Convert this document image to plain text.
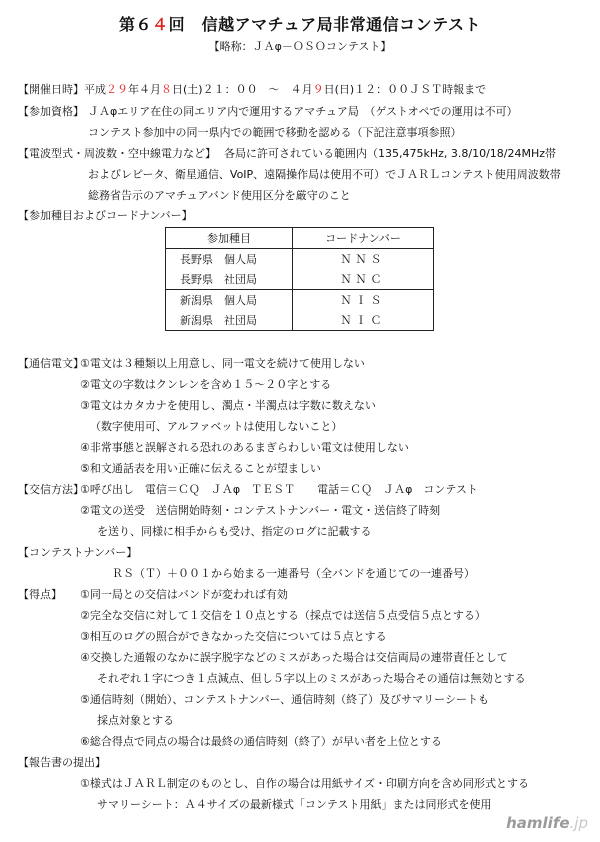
第６４回　信越アマチュア局非常通信コンテスト
【略称：ＪＡφ－ＯＳＯコンテスト】
【開催日時】平成２９年４月８日(土)２１：００　～　４月９日(日)１２：００ＪＳＴ時報まで
【参加資格】 ＪＡφエリア在住の同エリア内で運用するアマチュア局　（ゲストオペでの運用は不可）
コンテスト参加中の同一県内での範囲で移動を認める（下記注意事項参照）
【電波型式・周波数・空中線電力など】 各局に許可されている範囲内（135,475kHz, 3.8/10/18/24MHz帯
およびレピータ、衛星通信、VoIP、遠隔操作局は使用不可）でＪＡＲＬコンテスト使用周波数帯
総務省告示のアマチュアバンド使用区分を厳守のこと
【参加種目およびコードナンバー】
参加種目	コードナンバー
長野県　個人局	ＮＮＳ
長野県　社団局	ＮＮＣ
新潟県　個人局	ＮＩＳ
新潟県　社団局	ＮＩＣ
【通信電文】
①電文は３種類以上用意し、同一電文を続けて使用しない
②電文の字数はクンレンを含め１５～２０字とする
③電文はカタカナを使用し、濁点・半濁点は字数に数えない
（数字使用可、アルファベットは使用しないこと）
④非常事態と誤解される恐れのあるまぎらわしい電文は使用しない
⑤和文通話表を用い正確に伝えることが望ましい
【交信方法】
①呼び出し　電信＝ＣＱ　ＪＡφ　ＴＥＳＴ　　電話＝ＣＱ　ＪＡφ　コンテスト
②電文の送受　送信開始時刻・コンテストナンバー・電文・送信終了時刻
を送り、同様に相手からも受け、指定のログに記載する
【コンテストナンバー】
ＲＳ（Ｔ）＋００１から始まる一連番号（全バンドを通じての一連番号）
【得点】 ①同一局との交信はバンドが変われば有効
②完全な交信に対して１交信を１０点とする（採点では送信５点受信５点とする）
③相互のログの照合ができなかった交信については５点とする
④交換した通報のなかに誤字脱字などのミスがあった場合は交信両局の連帯責任として
それぞれ１字につき１点減点、但し５字以上のミスがあった場合その通信は無効とする
⑤通信時刻（開始）、コンテストナンバー、通信時刻（終了）及びサマリーシートも
採点対象とする
⑥総合得点で同点の場合は最終の通信時刻（終了）が早い者を上位とする
【報告書の提出】
①様式はＪＡＲＬ制定のものとし、自作の場合は用紙サイズ・印刷方向を含め同形式とする
サマリーシート：Ａ４サイズの最新様式「コンテスト用紙」または同形式を使用
hamlife.jp
